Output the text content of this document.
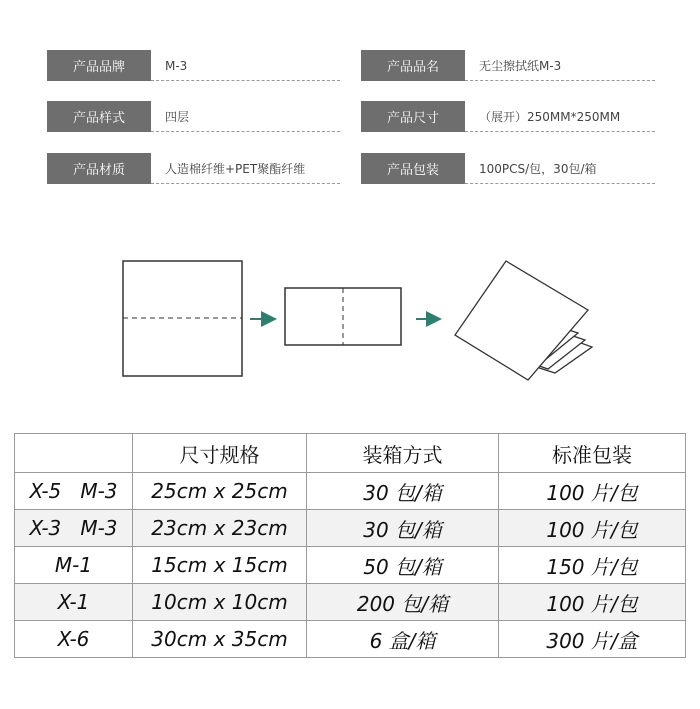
产品品牌	M-3	产品品名	无尘擦拭纸M-3
产品样式	四层	产品尺寸	（展开）250MM*250MM
产品材质	人造棉纤维+PET聚酯纤维	产品包装	100PCS/包，30包/箱
	尺寸规格	装箱方式	标准包装
X-5   M-3	25cm x 25cm	30 包/箱	100 片/包
X-3   M-3	23cm x 23cm	30 包/箱	100 片/包
M-1	15cm x 15cm	50 包/箱	150 片/包
X-1	10cm x 10cm	200 包/箱	100 片/包
X-6	30cm x 35cm	6 盒/箱	300 片/盒
